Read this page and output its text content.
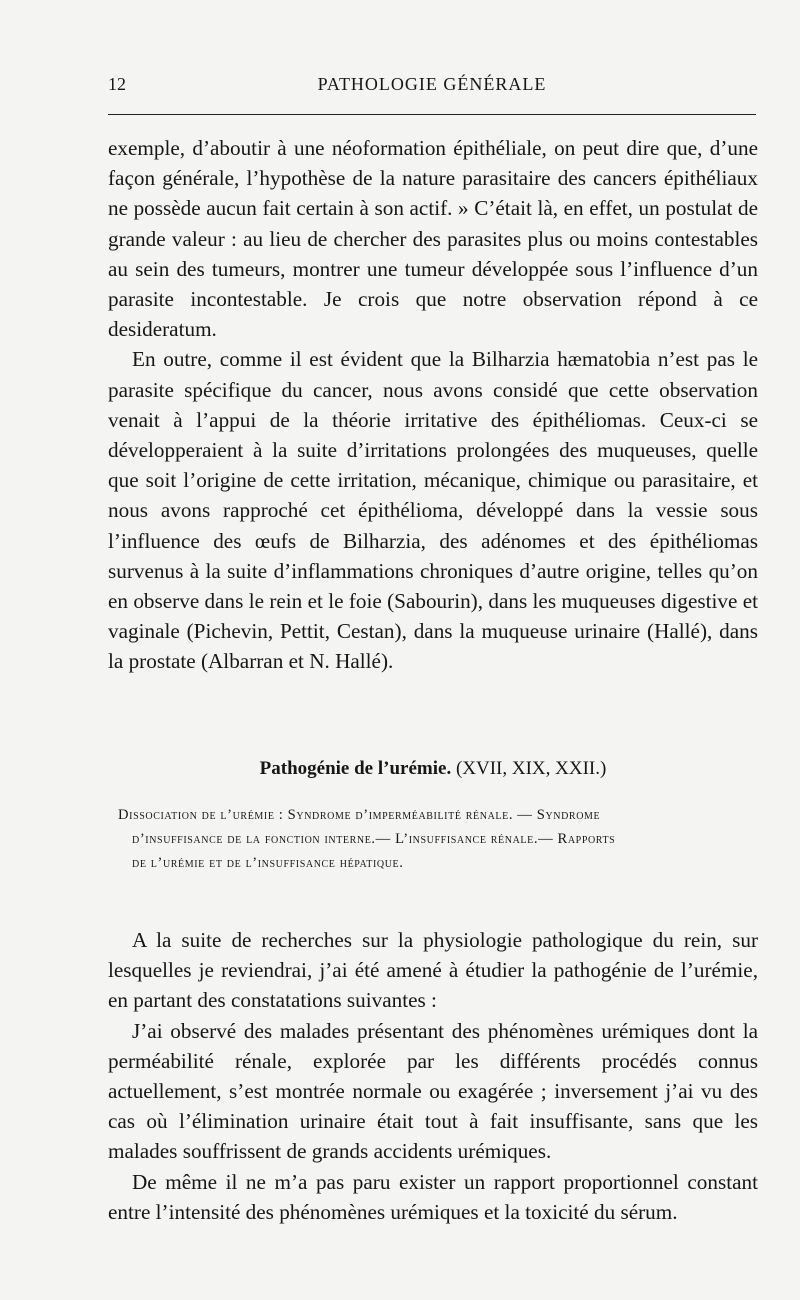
12	PATHOLOGIE GÉNÉRALE

exemple, d’aboutir à une néoformation épithéliale, on peut dire que, d’une façon générale, l’hypothèse de la nature parasitaire des cancers épithéliaux ne possède aucun fait certain à son actif. » C’était là, en effet, un postulat de grande valeur : au lieu de chercher des parasites plus ou moins contestables au sein des tumeurs, montrer une tumeur développée sous l’influence d’un parasite incontestable. Je crois que notre observation répond à ce desideratum.

En outre, comme il est évident que la Bilharzia hæmatobia n’est pas le parasite spécifique du cancer, nous avons considé que cette observation venait à l’appui de la théorie irritative des épithéliomas. Ceux-ci se développeraient à la suite d’irritations prolongées des muqueuses, quelle que soit l’origine de cette irritation, mécanique, chimique ou parasitaire, et nous avons rapproché cet épithélioma, développé dans la vessie sous l’influence des œufs de Bilharzia, des adénomes et des épithéliomas survenus à la suite d’inflammations chroniques d’autre origine, telles qu’on en observe dans le rein et le foie (Sabourin), dans les muqueuses digestive et vaginale (Pichevin, Pettit, Cestan), dans la muqueuse urinaire (Hallé), dans la prostate (Albarran et N. Hallé).

Pathogénie de l’urémie. (XVII, XIX, XXII.)
Dissociation de l’urémie : Syndrome d’imperméabilité rénale. — Syndrome
d’insuffisance de la fonction interne.— L’insuffisance rénale.— Rapports
de l’urémie et de l’insuffisance hépatique.

A la suite de recherches sur la physiologie pathologique du rein, sur lesquelles je reviendrai, j’ai été amené à étudier la pathogénie de l’urémie, en partant des constatations suivantes :

J’ai observé des malades présentant des phénomènes urémiques dont la perméabilité rénale, explorée par les différents procédés connus actuellement, s’est montrée normale ou exagérée ; inversement j’ai vu des cas où l’élimination urinaire était tout à fait insuffisante, sans que les malades souffrissent de grands accidents urémiques.

De même il ne m’a pas paru exister un rapport proportionnel constant entre l’intensité des phénomènes urémiques et la toxicité du sérum.
